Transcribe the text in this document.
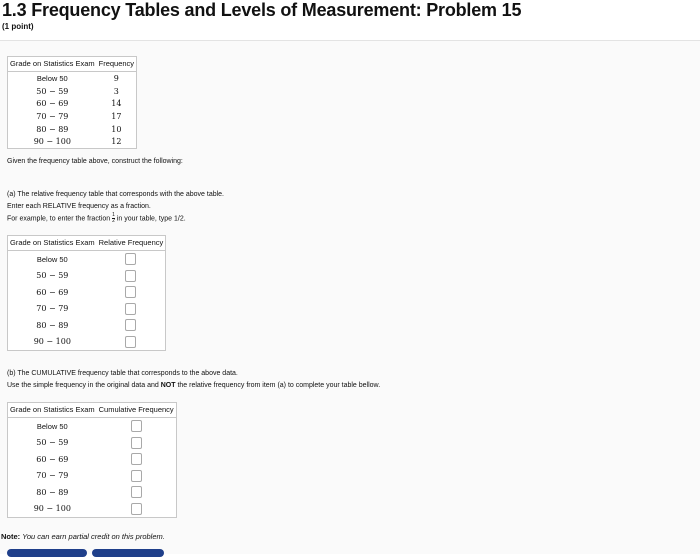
1.3 Frequency Tables and Levels of Measurement: Problem 15
(1 point)
Grade on Statistics Exam	Frequency
Below 50	9
50 − 59	3
60 − 69	14
70 − 79	17
80 − 89	10
90 − 100	12
Given the frequency table above, construct the following:
(a) The relative frequency table that corresponds with the above table.
Enter each RELATIVE frequency as a fraction.
For example, to enter the fraction $\frac{1}{2}$ in your table, type 1/2.
Grade on Statistics Exam	Relative Frequency
Below 50	
50 − 59	
60 − 69	
70 − 79	
80 − 89	
90 − 100	
(b) The CUMULATIVE frequency table that corresponds to the above data.
Use the simple frequency in the original data and NOT the relative frequency from item (a) to complete your table bellow.
Grade on Statistics Exam	Cumulative Frequency
Below 50	
50 − 59	
60 − 69	
70 − 79	
80 − 89	
90 − 100	
Note: You can earn partial credit on this problem.
